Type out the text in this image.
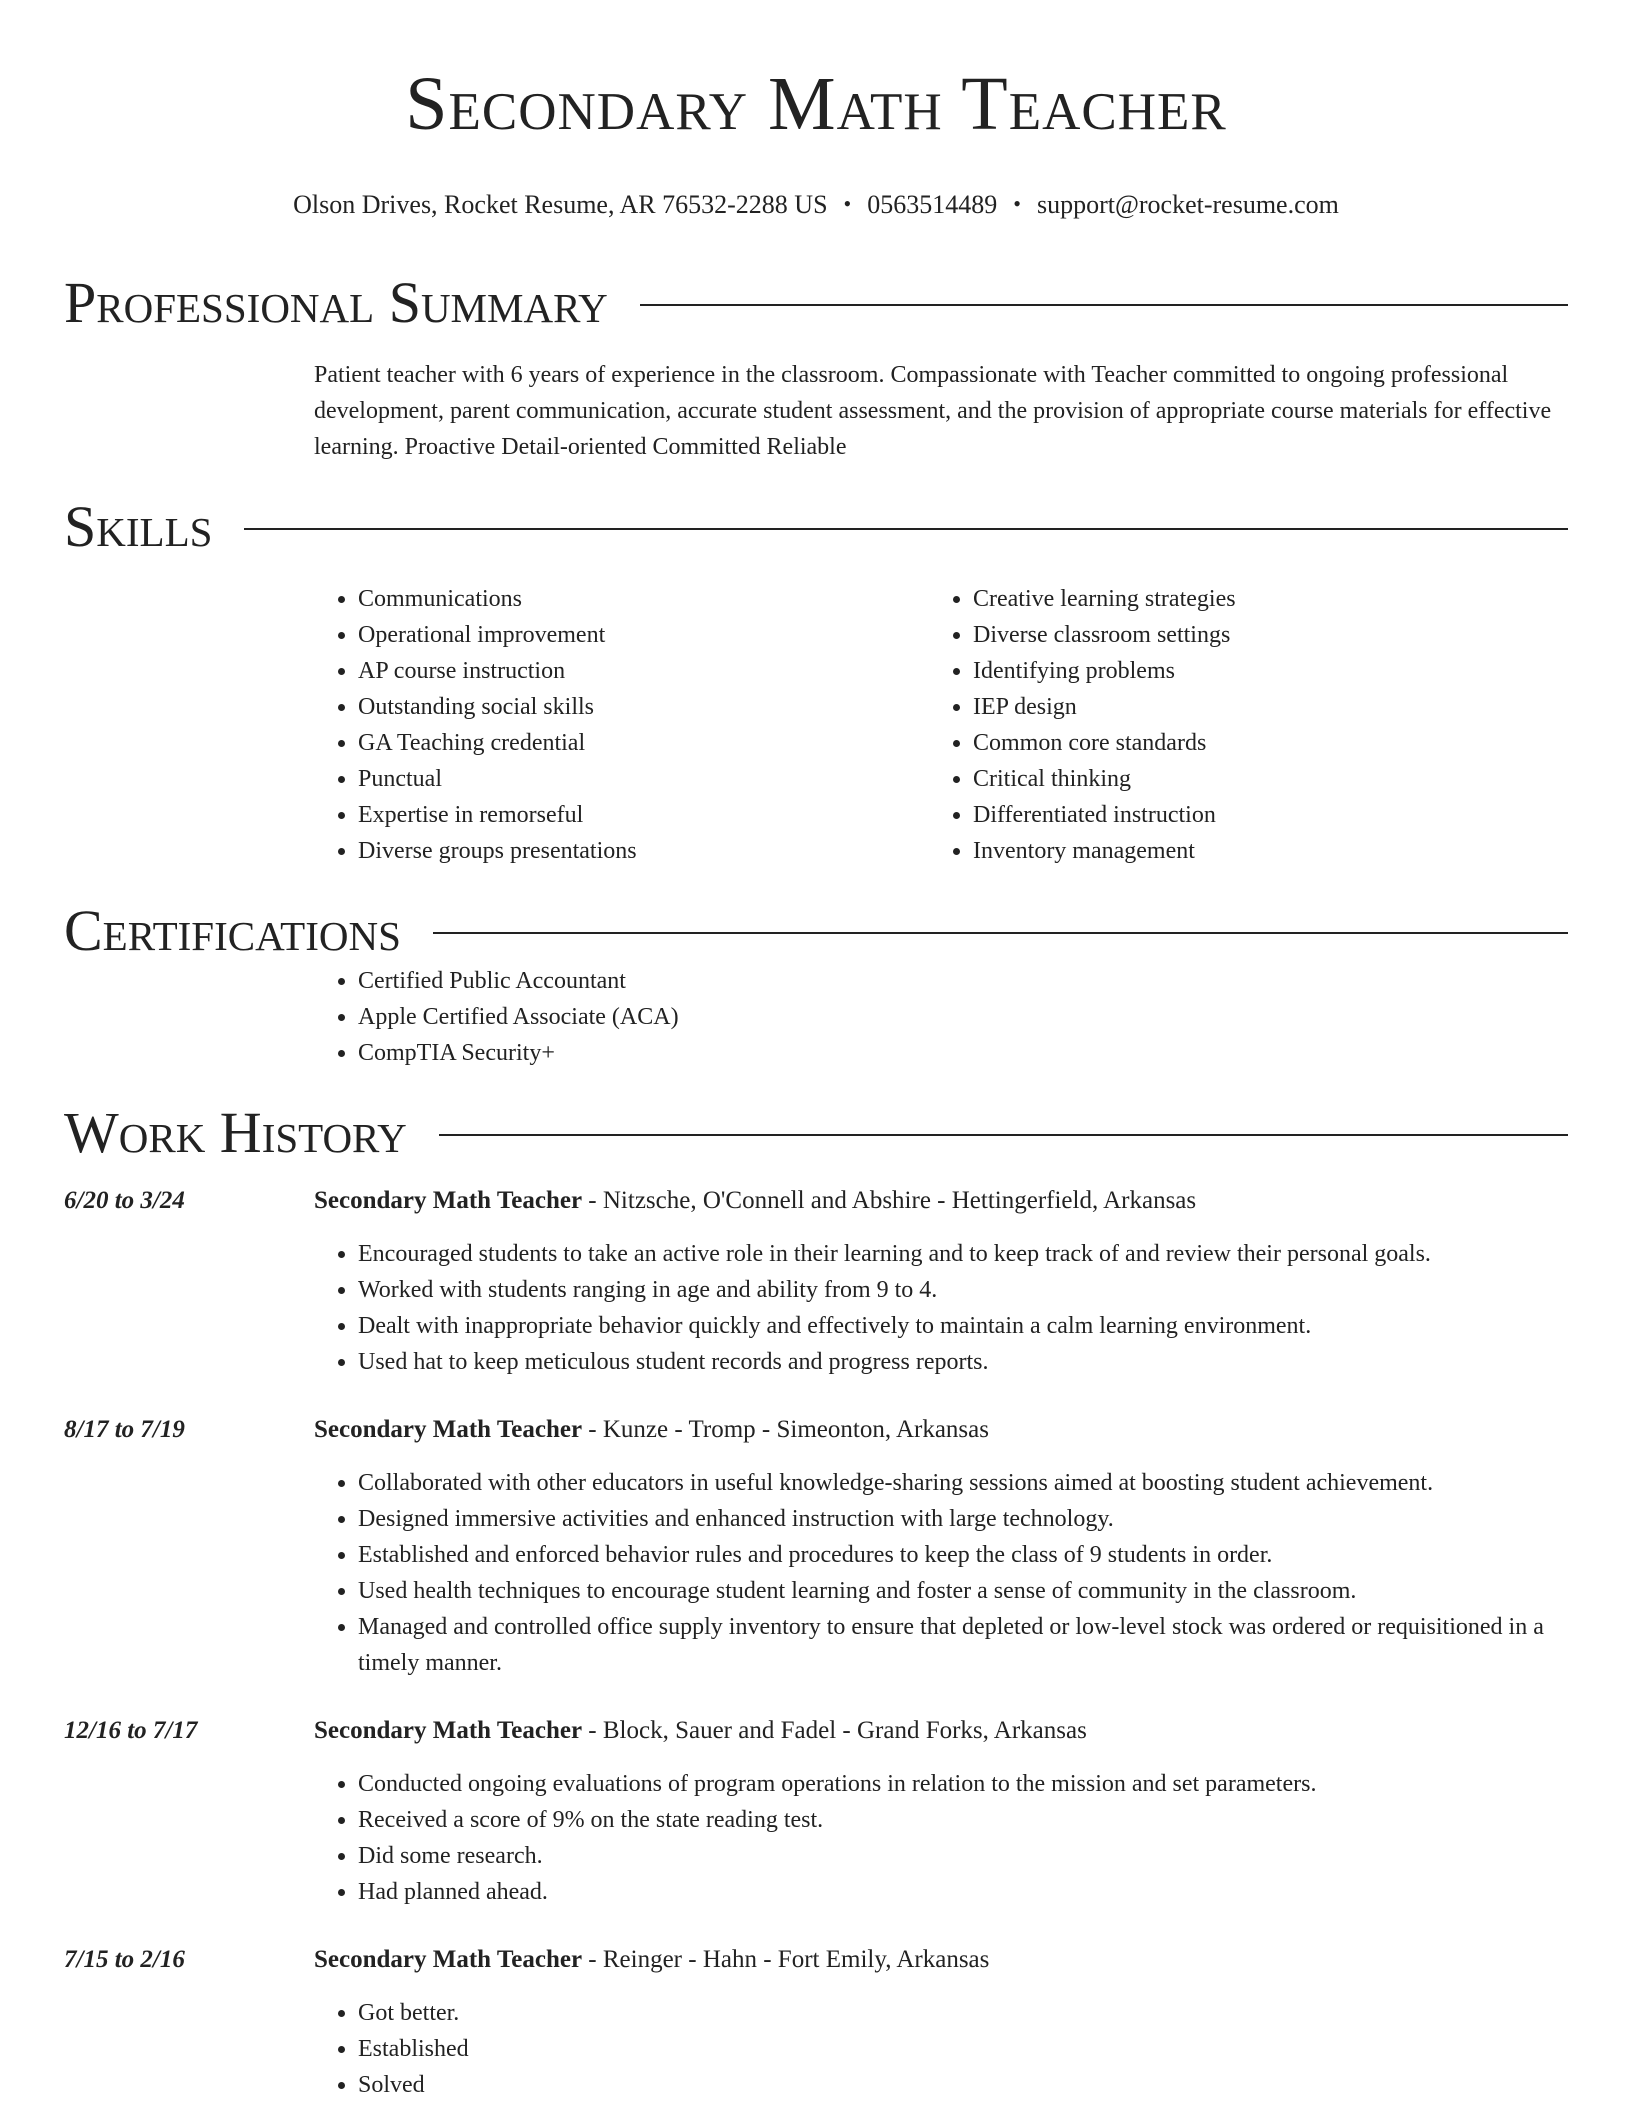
Secondary Math Teacher
Olson Drives, Rocket Resume, AR 76532-2288 US • 0563514489 • support@rocket-resume.com
Professional Summary

Patient teacher with 6 years of experience in the classroom. Compassionate with Teacher committed to ongoing professional development, parent communication, accurate student assessment, and the provision of appropriate course materials for effective learning. Proactive Detail-oriented Committed Reliable

Skills
• Communications
• Operational improvement
• AP course instruction
• Outstanding social skills
• GA Teaching credential
• Punctual
• Expertise in remorseful
• Diverse groups presentations
• Creative learning strategies
• Diverse classroom settings
• Identifying problems
• IEP design
• Common core standards
• Critical thinking
• Differentiated instruction
• Inventory management
Certifications
• Certified Public Accountant
• Apple Certified Associate (ACA)
• CompTIA Security+
Work History
6/20 to 3/24	Secondary Math Teacher - Nitzsche, O'Connell and Abshire - Hettingerfield, Arkansas
• Encouraged students to take an active role in their learning and to keep track of and review their personal goals.
• Worked with students ranging in age and ability from 9 to 4.
• Dealt with inappropriate behavior quickly and effectively to maintain a calm learning environment.
• Used hat to keep meticulous student records and progress reports.
8/17 to 7/19	Secondary Math Teacher - Kunze - Tromp - Simeonton, Arkansas
• Collaborated with other educators in useful knowledge-sharing sessions aimed at boosting student achievement.
• Designed immersive activities and enhanced instruction with large technology.
• Established and enforced behavior rules and procedures to keep the class of 9 students in order.
• Used health techniques to encourage student learning and foster a sense of community in the classroom.
• Managed and controlled office supply inventory to ensure that depleted or low-level stock was ordered or requisitioned in a timely manner.
12/16 to 7/17	Secondary Math Teacher - Block, Sauer and Fadel - Grand Forks, Arkansas
• Conducted ongoing evaluations of program operations in relation to the mission and set parameters.
• Received a score of 9% on the state reading test.
• Did some research.
• Had planned ahead.
7/15 to 2/16	Secondary Math Teacher - Reinger - Hahn - Fort Emily, Arkansas
• Got better.
• Established
• Solved
